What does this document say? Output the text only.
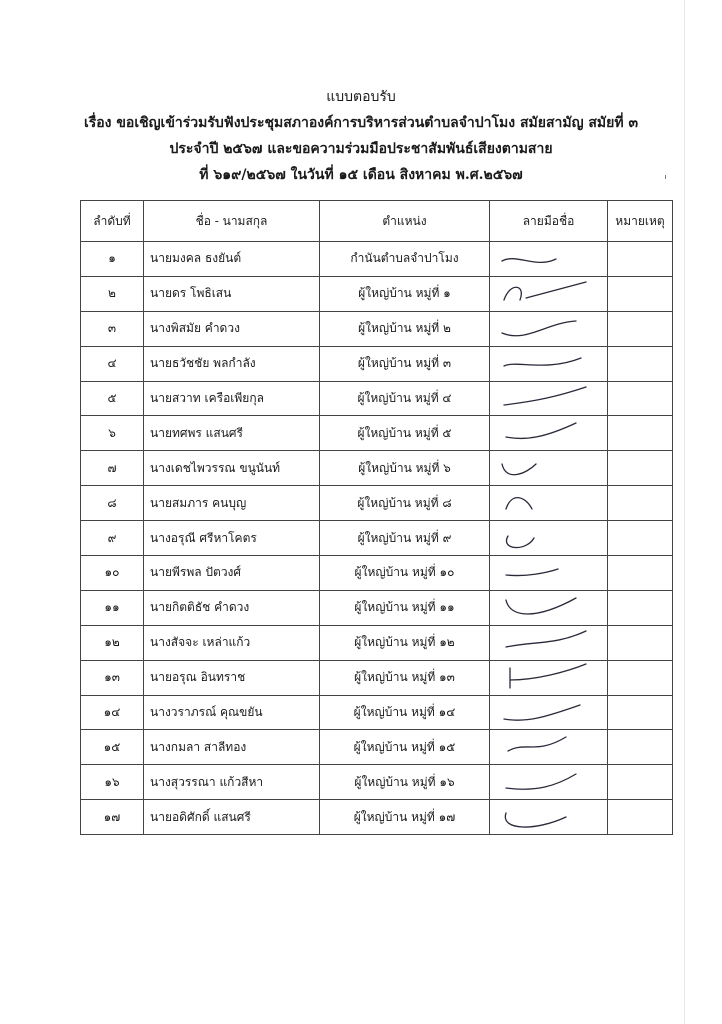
แบบตอบรับ
เรื่อง ขอเชิญเข้าร่วมรับฟังประชุมสภาองค์การบริหารส่วนตำบลจำปาโมง สมัยสามัญ สมัยที่ ๓
ประจำปี ๒๕๖๗ และขอความร่วมมือประชาสัมพันธ์เสียงตามสาย
ที่ ๖๑๙/๒๕๖๗ ในวันที่ ๑๕ เดือน สิงหาคม พ.ศ.๒๕๖๗
ลำดับที่	ชื่อ - นามสกุล	ตำแหน่ง	ลายมือชื่อ	หมายเหตุ
๑	นายมงคล ธงยันต์	กำนันตำบลจำปาโมง	

๒	นายดร โพธิเสน	ผู้ใหญ่บ้าน หมู่ที่ ๑	

๓	นางพิสมัย คำดวง	ผู้ใหญ่บ้าน หมู่ที่ ๒	

๔	นายธวัชชัย พลกำลัง	ผู้ใหญ่บ้าน หมู่ที่ ๓	

๕	นายสวาท เครือเพียกุล	ผู้ใหญ่บ้าน หมู่ที่ ๔	

๖	นายทศพร แสนศรี	ผู้ใหญ่บ้าน หมู่ที่ ๕	

๗	นางเดชไพวรรณ ขนูนันท์	ผู้ใหญ่บ้าน หมู่ที่ ๖	

๘	นายสมภาร คนบุญ	ผู้ใหญ่บ้าน หมู่ที่ ๘	

๙	นางอรุณี ศรีหาโคตร	ผู้ใหญ่บ้าน หมู่ที่ ๙	

๑๐	นายพีรพล ปัตวงศ์	ผู้ใหญ่บ้าน หมู่ที่ ๑๐	

๑๑	นายกิตติธัช คำดวง	ผู้ใหญ่บ้าน หมู่ที่ ๑๑	

๑๒	นางสัจจะ เหล่าแก้ว	ผู้ใหญ่บ้าน หมู่ที่ ๑๒	

๑๓	นายอรุณ อินทราช	ผู้ใหญ่บ้าน หมู่ที่ ๑๓	

๑๔	นางวราภรณ์ คุณขยัน	ผู้ใหญ่บ้าน หมู่ที่ ๑๔	

๑๕	นางกมลา สาลีทอง	ผู้ใหญ่บ้าน หมู่ที่ ๑๕	

๑๖	นางสุวรรณา แก้วสีหา	ผู้ใหญ่บ้าน หมู่ที่ ๑๖	

๑๗	นายอดิศักดิ์ แสนศรี	ผู้ใหญ่บ้าน หมู่ที่ ๑๗	
